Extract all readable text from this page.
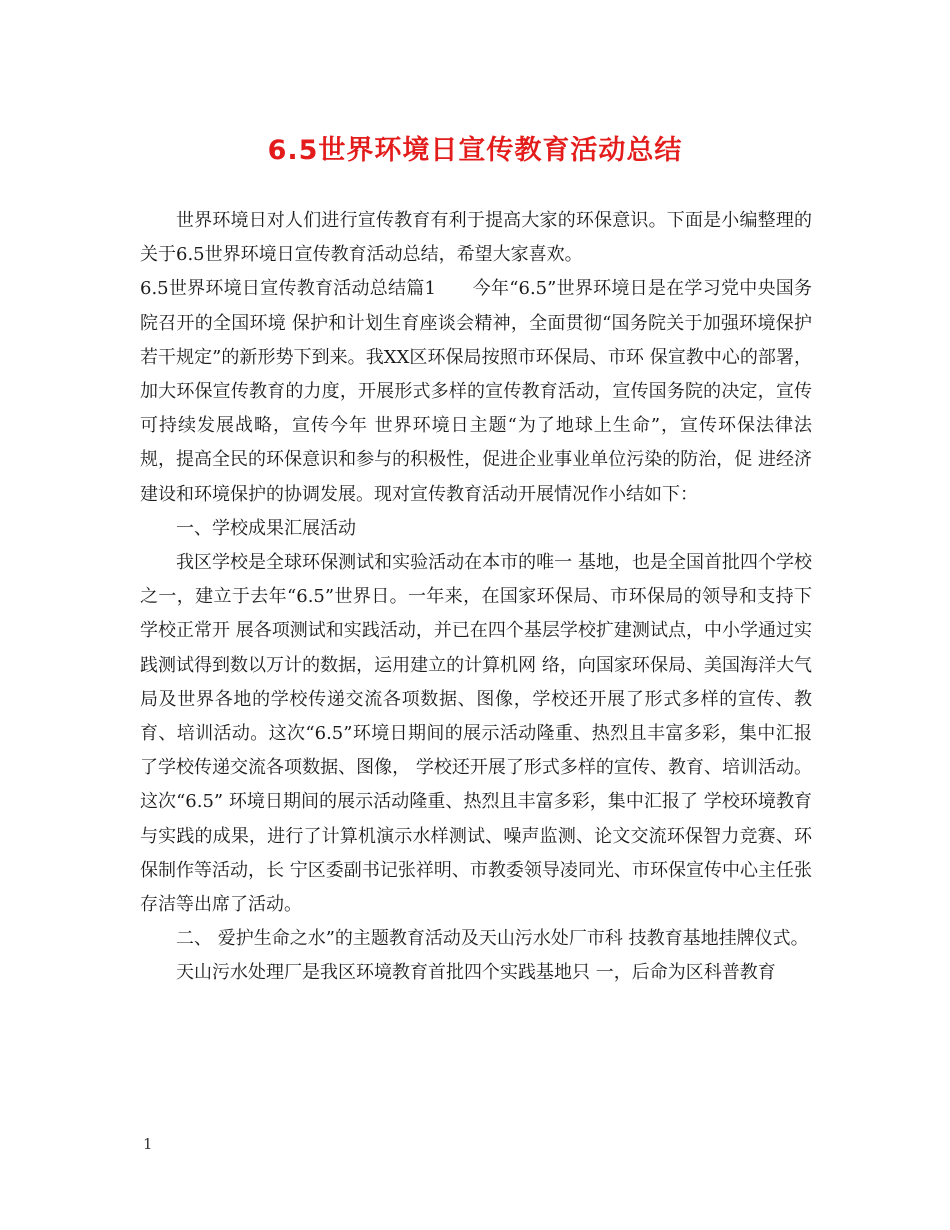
6.5世界环境日宣传教育活动总结

世界环境日对人们进行宣传教育有利于提高大家的环保意识。下面是小编整理的关于6.5世界环境日宣传教育活动总结，希望大家喜欢。

6.5世界环境日宣传教育活动总结篇1　　今年“6.5”世界环境日是在学习党中央国务院召开的全国环境 保护和计划生育座谈会精神，全面贯彻“国务院关于加强环境保护若干规定”的新形势下到来。我XX区环保局按照市环保局、市环 保宣教中心的部署，加大环保宣传教育的力度，开展形式多样的宣传教育活动，宣传国务院的决定，宣传可持续发展战略，宣传今年 世界环境日主题“为了地球上生命”，宣传环保法律法规，提高全民的环保意识和参与的积极性，促进企业事业单位污染的防治，促 进经济建设和环境保护的协调发展。现对宣传教育活动开展情况作小结如下：

一、学校成果汇展活动

我区学校是全球环保测试和实验活动在本市的唯一 基地，也是全国首批四个学校之一，建立于去年“6.5”世界日。一年来，在国家环保局、市环保局的领导和支持下学校正常开 展各项测试和实践活动，并已在四个基层学校扩建测试点，中小学通过实践测试得到数以万计的数据，运用建立的计算机网 络，向国家环保局、美国海洋大气局及世界各地的学校传递交流各项数据、图像，学校还开展了形式多样的宣传、教 育、培训活动。这次“6.5”环境日期间的展示活动隆重、热烈且丰富多彩，集中汇报了学校传递交流各项数据、图像， 学校还开展了形式多样的宣传、教育、培训活动。这次“6.5” 环境日期间的展示活动隆重、热烈且丰富多彩，集中汇报了 学校环境教育与实践的成果，进行了计算机演示水样测试、噪声监测、论文交流环保智力竞赛、环保制作等活动，长 宁区委副书记张祥明、市教委领导凌同光、市环保宣传中心主任张存洁等出席了活动。

二、 爱护生命之水”的主题教育活动及天山污水处厂市科 技教育基地挂牌仪式。

天山污水处理厂是我区环境教育首批四个实践基地只 一，后命为区科普教育

1
